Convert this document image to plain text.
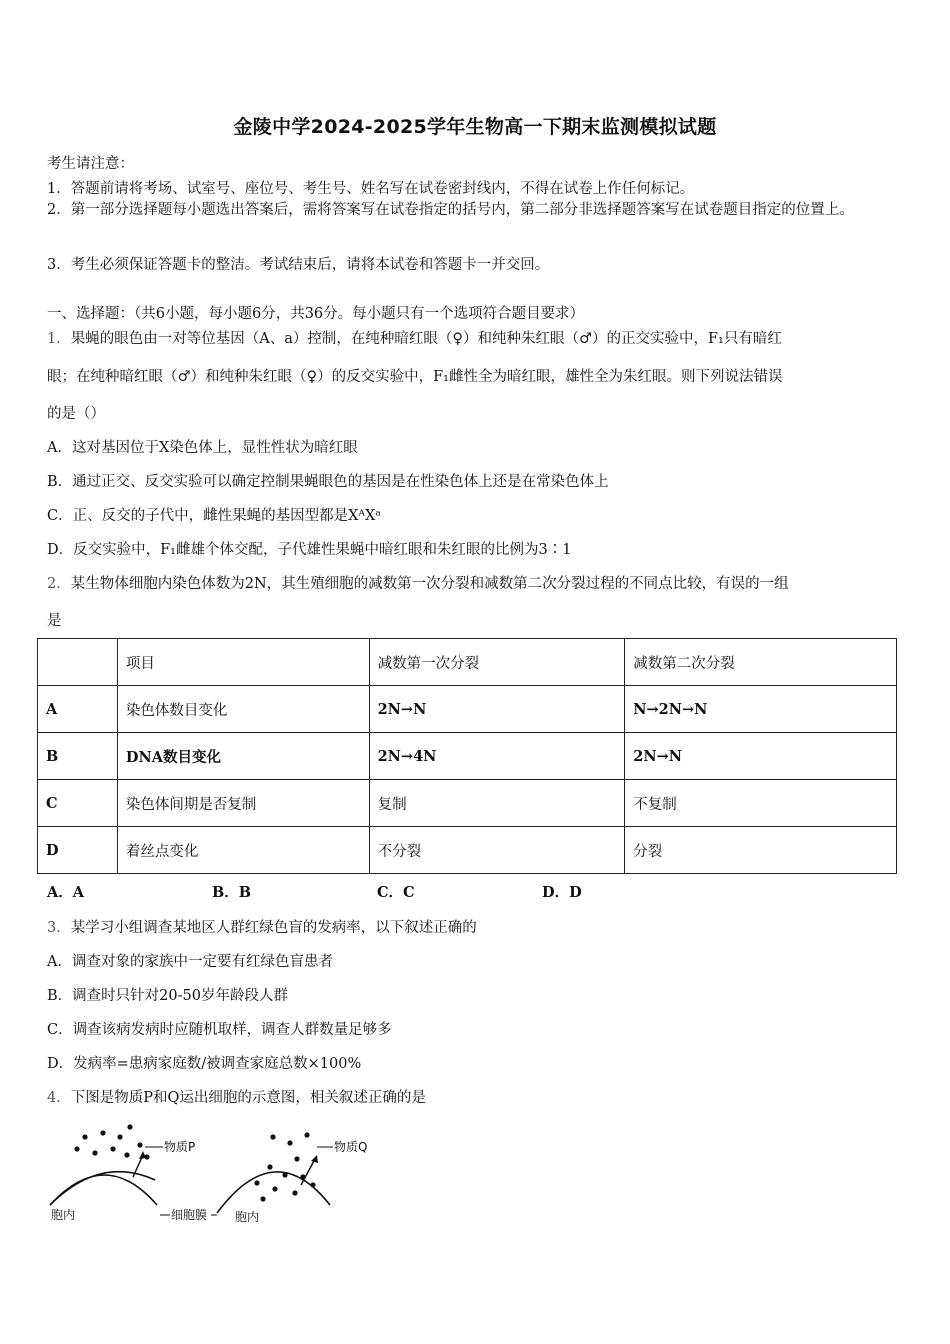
金陵中学2024-2025学年生物高一下期末监测模拟试题
考生请注意：
1．答题前请将考场、试室号、座位号、考生号、姓名写在试卷密封线内，不得在试卷上作任何标记。
2．第一部分选择题每小题选出答案后，需将答案写在试卷指定的括号内，第二部分非选择题答案写在试卷题目指定的位置上。
3．考生必须保证答题卡的整洁。考试结束后，请将本试卷和答题卡一并交回。
一、选择题：（共6小题，每小题6分，共36分。每小题只有一个选项符合题目要求）
1．果蝇的眼色由一对等位基因（A、a）控制，在纯种暗红眼（♀）和纯种朱红眼（♂）的正交实验中，F₁只有暗红
眼；在纯种暗红眼（♂）和纯种朱红眼（♀）的反交实验中，F₁雌性全为暗红眼，雄性全为朱红眼。则下列说法错误
的是（）
A．这对基因位于X染色体上，显性性状为暗红眼
B．通过正交、反交实验可以确定控制果蝇眼色的基因是在性染色体上还是在常染色体上
C．正、反交的子代中，雌性果蝇的基因型都是XᴬXᵃ
D．反交实验中，F₁雌雄个体交配，子代雄性果蝇中暗红眼和朱红眼的比例为3∶1
2．某生物体细胞内染色体数为2N，其生殖细胞的减数第一次分裂和减数第二次分裂过程的不同点比较，有误的一组
是
	项目	减数第一次分裂	减数第二次分裂
A	染色体数目变化	2N→N	N→2N→N
B	DNA数目变化	2N→4N	2N→N
C	染色体间期是否复制	复制	不复制
D	着丝点变化	不分裂	分裂
A．A	B．B	C．C	D．D
3．某学习小组调查某地区人群红绿色盲的发病率，以下叙述正确的
A．调查对象的家族中一定要有红绿色盲患者
B．调查时只针对20-50岁年龄段人群
C．调查该病发病时应随机取样，调查人群数量足够多
D．发病率=患病家庭数/被调查家庭总数×100%
4．下图是物质P和Q运出细胞的示意图，相关叙述正确的是
物质P
胞内
物质Q
细胞膜 胞内
